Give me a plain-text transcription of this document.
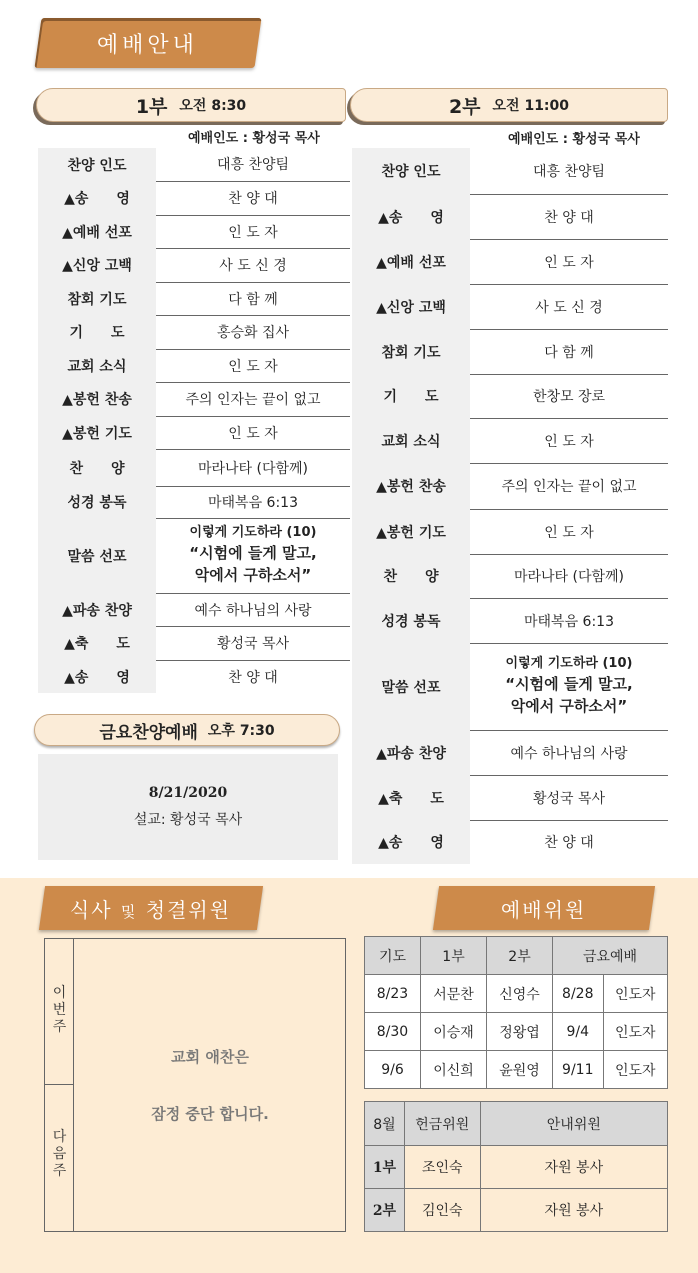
예배안내
1부 오전 8:30
예배인도 : 황성국 목사
찬양 인도	대흥 찬양팀
▲송　　영	찬 양 대
▲예배 선포	인 도 자
▲신앙 고백	사 도 신 경
참회 기도	다 함 께
기　　도	홍승화 집사
교회 소식	인 도 자
▲봉헌 찬송	주의 인자는 끝이 없고
▲봉헌 기도	인 도 자
찬　　양	마라나타 (다함께)
성경 봉독	마태복음 6:13
말씀 선포	이렇게 기도하라 (10)
“시험에 들게 말고,
악에서 구하소서”

▲파송 찬양	예수 하나님의 사랑
▲축　　도	황성국 목사
▲송　　영	찬 양 대
2부 오전 11:00
예배인도 : 황성국 목사
찬양 인도	대흥 찬양팀
▲송　　영	찬 양 대
▲예배 선포	인 도 자
▲신앙 고백	사 도 신 경
참회 기도	다 함 께
기　　도	한창모 장로
교회 소식	인 도 자
▲봉헌 찬송	주의 인자는 끝이 없고
▲봉헌 기도	인 도 자
찬　　양	마라나타 (다함께)
성경 봉독	마태복음 6:13
말씀 선포	이렇게 기도하라 (10)
“시험에 들게 말고,
악에서 구하소서”

▲파송 찬양	예수 하나님의 사랑
▲축　　도	황성국 목사
▲송　　영	찬 양 대
금요찬양예배 오후 7:30
8/21/2020
설교: 황성국 목사
식사 및 청결위원	예배위원
이
번
주
다
음
주
교회 애찬은
잠정 중단 합니다.
기도	1부	2부	금요예배	
8/23	서문찬	신영수	8/28	인도자
8/30	이승재	정왕엽	9/4	인도자
9/6	이신희	윤원영	9/11	인도자
8월	헌금위원	안내위원
1부	조인숙	자원 봉사
2부	김인숙	자원 봉사
